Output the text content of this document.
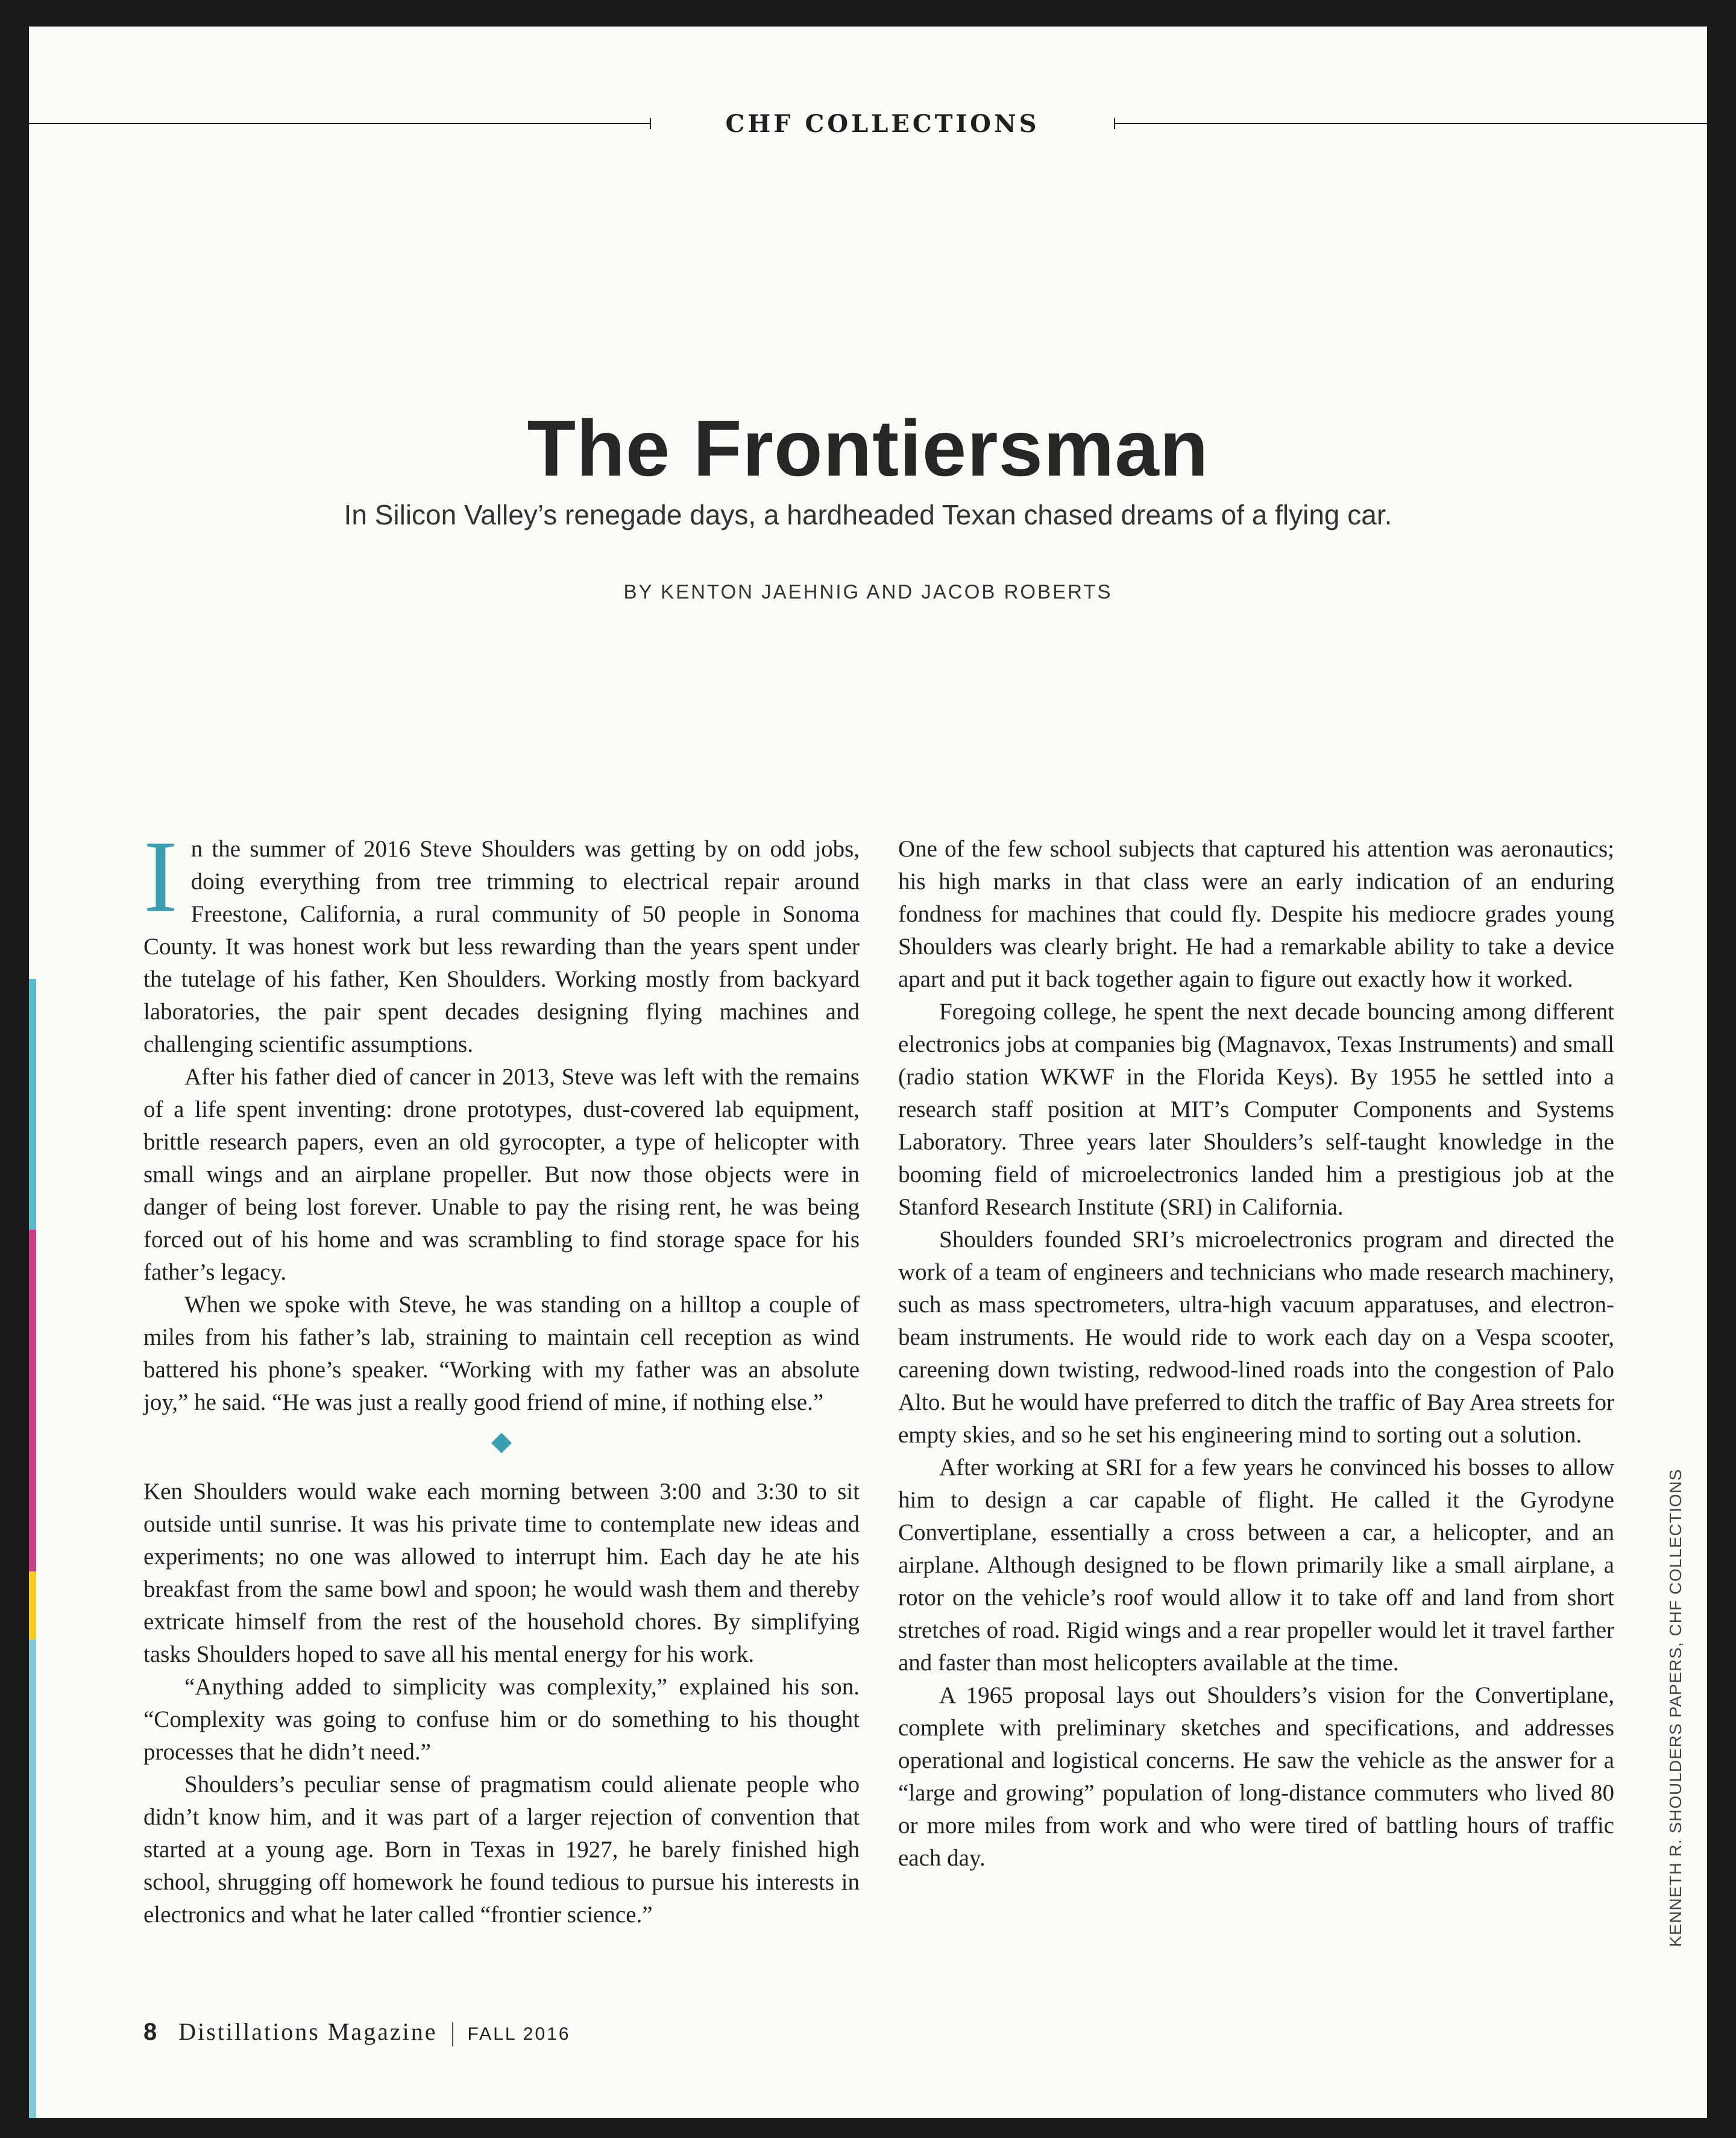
CHF COLLECTIONS
The Frontiersman
In Silicon Valley’s renegade days, a hardheaded Texan chased dreams of a flying car.
BY KENTON JAEHNIG AND JACOB ROBERTS

In the summer of 2016 Steve Shoulders was getting by on odd jobs, doing everything from tree trimming to electrical repair around Freestone, California, a rural community of 50 people in Sonoma County. It was honest work but less rewarding than the years spent under the tutelage of his father, Ken Shoulders. Working mostly from backyard laboratories, the pair spent decades designing flying machines and challenging scientific assumptions.

After his father died of cancer in 2013, Steve was left with the remains of a life spent inventing: drone prototypes, dust-covered lab equipment, brittle research papers, even an old gyrocopter, a type of helicopter with small wings and an airplane propeller. But now those objects were in danger of being lost forever. Unable to pay the rising rent, he was being forced out of his home and was scrambling to find storage space for his father’s legacy.

When we spoke with Steve, he was standing on a hilltop a couple of miles from his father’s lab, straining to maintain cell reception as wind battered his phone’s speaker. “Working with my father was an absolute joy,” he said. “He was just a really good friend of mine, if nothing else.”

Ken Shoulders would wake each morning between 3:00 and 3:30 to sit outside until sunrise. It was his private time to contemplate new ideas and experiments; no one was allowed to interrupt him. Each day he ate his breakfast from the same bowl and spoon; he would wash them and thereby extricate himself from the rest of the household chores. By simplifying tasks Shoulders hoped to save all his mental energy for his work.

“Anything added to simplicity was complexity,” explained his son. “Complexity was going to confuse him or do something to his thought processes that he didn’t need.”

Shoulders’s peculiar sense of pragmatism could alienate people who didn’t know him, and it was part of a larger rejection of convention that started at a young age. Born in Texas in 1927, he barely finished high school, shrugging off homework he found tedious to pursue his interests in electronics and what he later called “frontier science.”

One of the few school subjects that captured his attention was aeronautics; his high marks in that class were an early indication of an enduring fondness for machines that could fly. Despite his mediocre grades young Shoulders was clearly bright. He had a remarkable ability to take a device apart and put it back together again to figure out exactly how it worked.

Foregoing college, he spent the next decade bouncing among different electronics jobs at companies big (Magnavox, Texas Instruments) and small (radio station WKWF in the Florida Keys). By 1955 he settled into a research staff position at MIT’s Computer Components and Systems Laboratory. Three years later Shoulders’s self-taught knowledge in the booming field of microelectronics landed him a prestigious job at the Stanford Research Institute (SRI) in California.

Shoulders founded SRI’s microelectronics program and directed the work of a team of engineers and technicians who made research machinery, such as mass spectrometers, ultra-high vacuum apparatuses, and electron-beam instruments. He would ride to work each day on a Vespa scooter, careening down twisting, redwood-lined roads into the congestion of Palo Alto. But he would have preferred to ditch the traffic of Bay Area streets for empty skies, and so he set his engineering mind to sorting out a solution.

After working at SRI for a few years he convinced his bosses to allow him to design a car capable of flight. He called it the Gyrodyne Convertiplane, essentially a cross between a car, a helicopter, and an airplane. Although designed to be flown primarily like a small airplane, a rotor on the vehicle’s roof would allow it to take off and land from short stretches of road. Rigid wings and a rear propeller would let it travel farther and faster than most helicopters available at the time.

A 1965 proposal lays out Shoulders’s vision for the Convertiplane, complete with preliminary sketches and specifications, and addresses operational and logistical concerns. He saw the vehicle as the answer for a “large and growing” population of long-distance commuters who lived 80 or more miles from work and who were tired of battling hours of traffic each day.	KENNETH R. SHOULDERS PAPERS, CHF COLLECTIONS
8 Distillations Magazine FALL 2016
